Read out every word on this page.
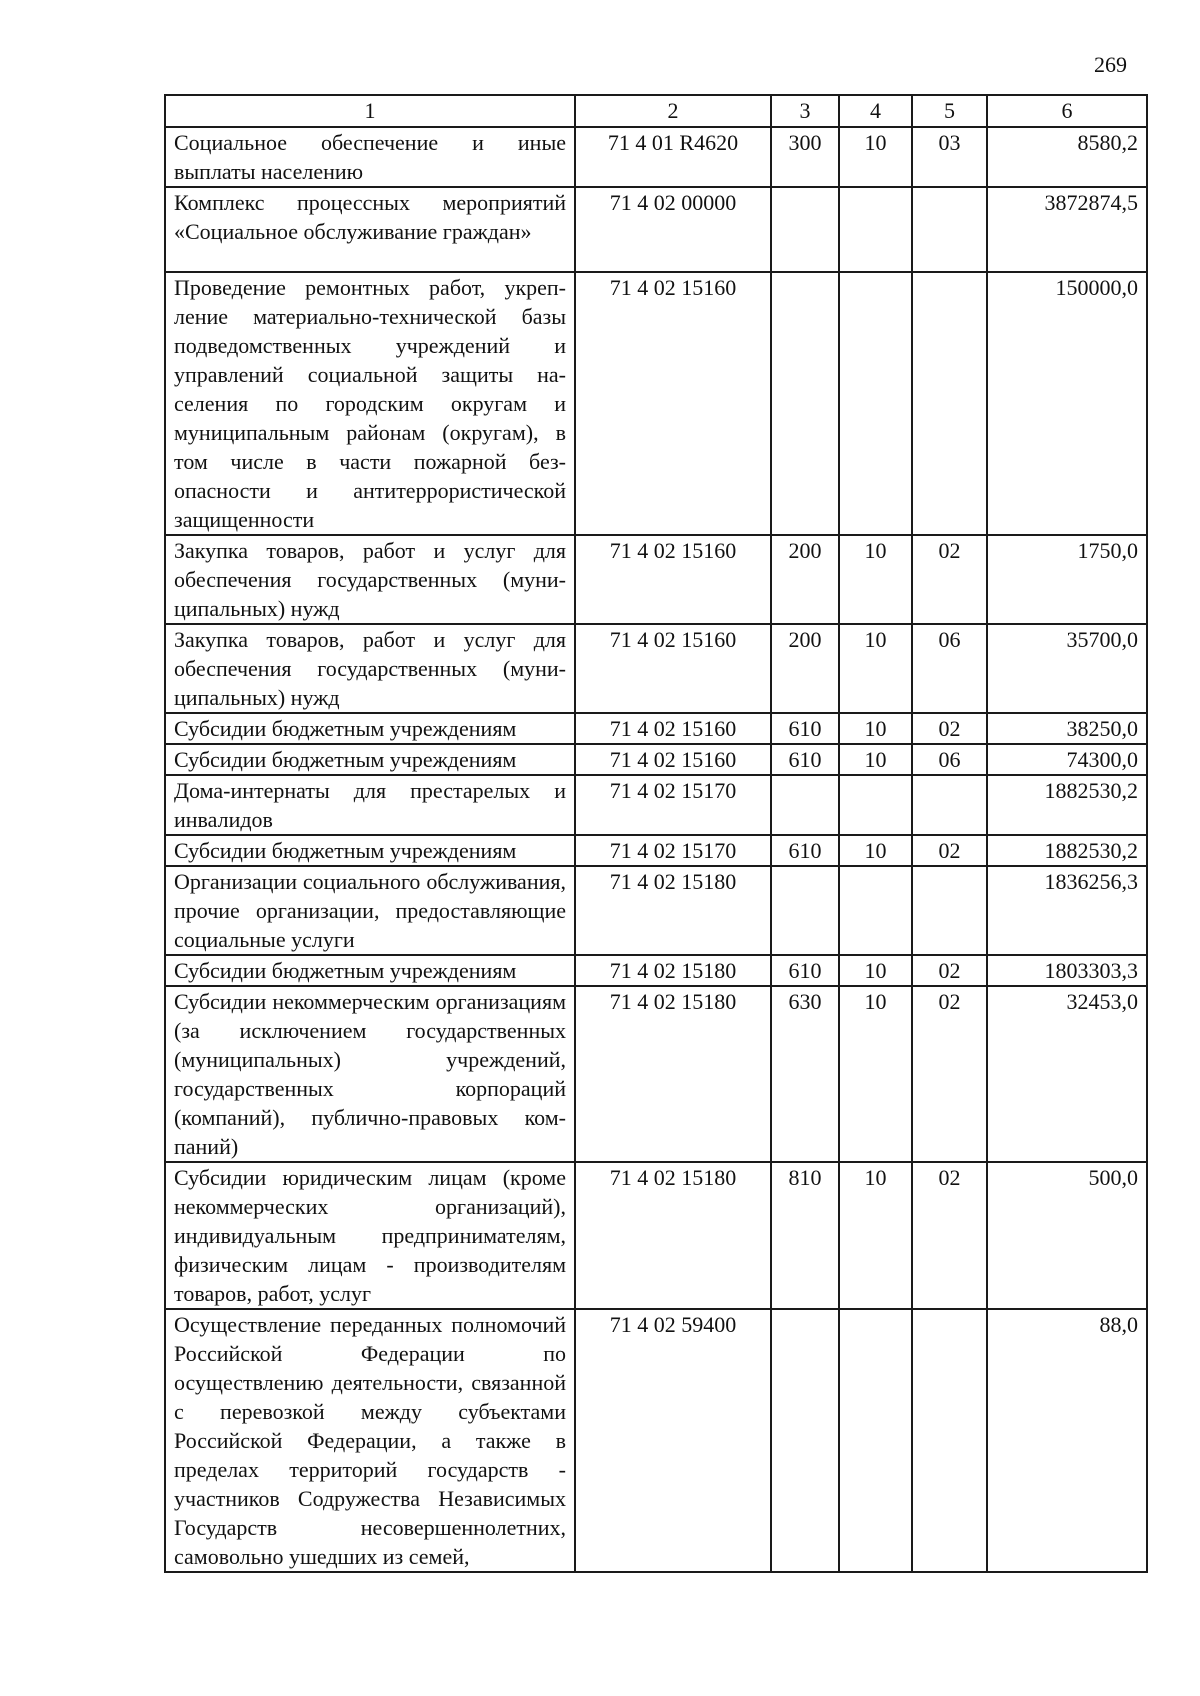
269
1	2	3	4	5	6
Социальное обеспечение и иные выплаты населению	71 4 01 R4620	300	10	03	8580,2
Комплекс процессных мероприятий «Социальное обслуживание граждан»	71 4 02 00000				3872874,5
Проведение ремонтных работ, укрепление материально-технической базы подведомственных учреждений и управлений социальной защиты населения по городским округам и муниципальным районам (округам), в том числе в части пожарной безопасности и антитеррористической защищенности	71 4 02 15160				150000,0
Закупка товаров, работ и услуг для обеспечения государственных (муниципальных) нужд	71 4 02 15160	200	10	02	1750,0
Закупка товаров, работ и услуг для обеспечения государственных (муниципальных) нужд	71 4 02 15160	200	10	06	35700,0
Субсидии бюджетным учреждениям	71 4 02 15160	610	10	02	38250,0
Субсидии бюджетным учреждениям	71 4 02 15160	610	10	06	74300,0
Дома-интернаты для престарелых и инвалидов	71 4 02 15170				1882530,2
Субсидии бюджетным учреждениям	71 4 02 15170	610	10	02	1882530,2
Организации социального обслуживания, прочие организации, предоставляющие социальные услуги	71 4 02 15180				1836256,3
Субсидии бюджетным учреждениям	71 4 02 15180	610	10	02	1803303,3
Субсидии некоммерческим организациям (за исключением государственных (муниципальных) учреждений, государственных корпораций (компаний), публично-правовых компаний)	71 4 02 15180	630	10	02	32453,0
Субсидии юридическим лицам (кроме некоммерческих организаций), индивидуальным предпринимателям, физическим лицам - производителям товаров, работ, услуг	71 4 02 15180	810	10	02	500,0
Осуществление переданных полномочий Российской Федерации по осуществлению деятельности, связанной с перевозкой между субъектами Российской Федерации, а также в пределах территорий государств - участников Содружества Независимых Государств несовершеннолетних, самовольно ушедших из семей,	71 4 02 59400				88,0
